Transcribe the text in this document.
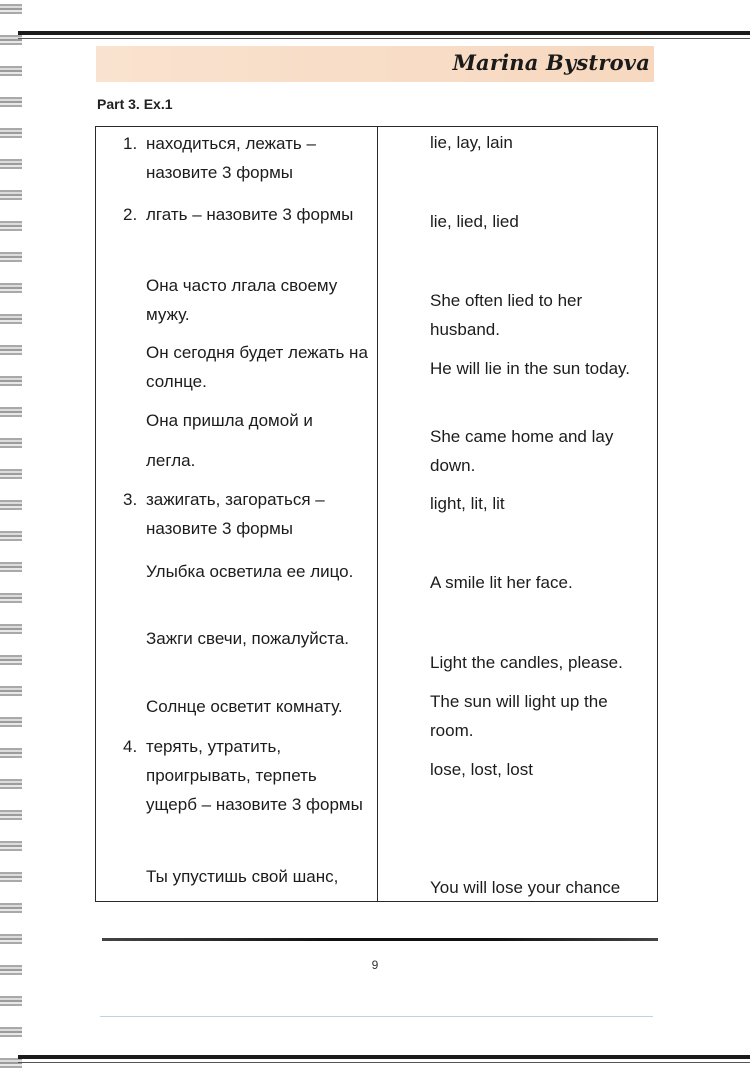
Marina Bystrova
Part 3. Ex.1
1. находиться, лежать – назовите 3 формы
lie, lay, lain
2. лгать – назовите 3 формы	lie, lied, lied
Она часто лгала своему мужу.
She often lied to her husband.
Он сегодня будет лежать на солнце.
He will lie in the sun today.
Она пришла домой и
She came home and lay down.
легла.
3. зажигать, загораться – назовите 3 формы
light, lit, lit
Улыбка осветила ее лицо.
A smile lit her face.
Зажги свечи, пожалуйста.
Light the candles, please.
Солнце осветит комнату.	The sun will light up the room.
4. терять, утратить, проигрывать, терпеть ущерб – назовите 3 формы
lose, lost, lost
Ты упустишь свой шанс,
You will lose your chance
9
